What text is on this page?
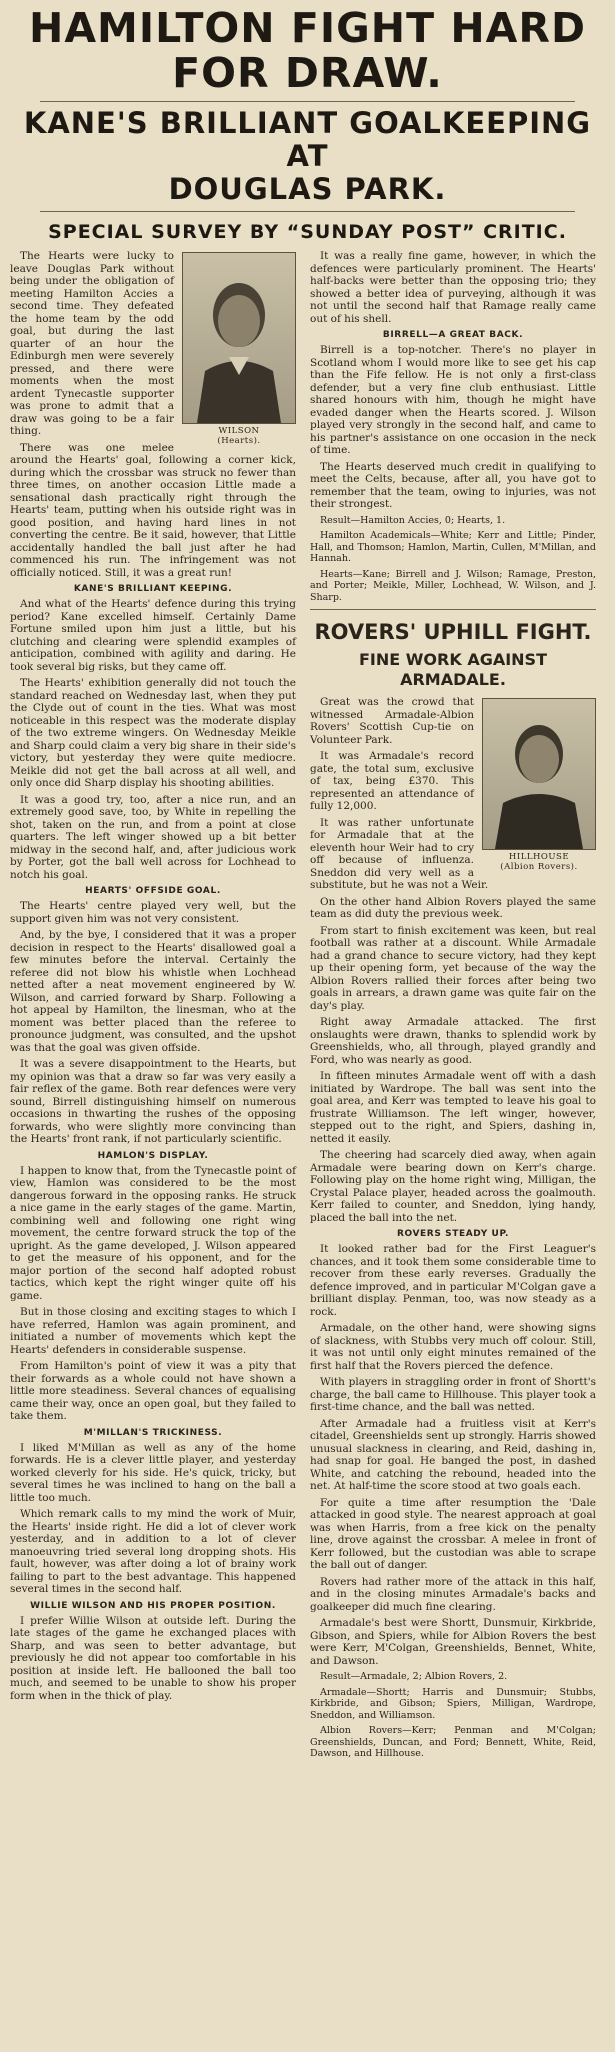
HAMILTON FIGHT HARD
FOR DRAW.
KANE'S BRILLIANT GOALKEEPING AT
DOUGLAS PARK.
SPECIAL SURVEY BY “SUNDAY POST” CRITIC.
WILSON
(Hearts).

The Hearts were lucky to leave Douglas Park without being under the obligation of meeting Hamilton Accies a second time. They defeated the home team by the odd goal, but during the last quarter of an hour the Edinburgh men were severely pressed, and there were moments when the most ardent Tynecastle supporter was prone to admit that a draw was going to be a fair thing.

There was one melee around the Hearts' goal, following a corner kick, during which the crossbar was struck no fewer than three times, on another occasion Little made a sensational dash practically right through the Hearts' team, putting when his outside right was in good position, and having hard lines in not converting the centre. Be it said, however, that Little accidentally handled the ball just after he had commenced his run. The infringement was not officially noticed. Still, it was a great run!

KANE'S BRILLIANT KEEPING.

And what of the Hearts' defence during this trying period? Kane excelled himself. Certainly Dame Fortune smiled upon him just a little, but his clutching and clearing were splendid examples of anticipation, combined with agility and daring. He took several big risks, but they came off.

The Hearts' exhibition generally did not touch the standard reached on Wednesday last, when they put the Clyde out of count in the ties. What was most noticeable in this respect was the moderate display of the two extreme wingers. On Wednesday Meikle and Sharp could claim a very big share in their side's victory, but yesterday they were quite mediocre. Meikle did not get the ball across at all well, and only once did Sharp display his shooting abilities.

It was a good try, too, after a nice run, and an extremely good save, too, by White in repelling the shot, taken on the run, and from a point at close quarters. The left winger showed up a bit better midway in the second half, and, after judicious work by Porter, got the ball well across for Lochhead to notch his goal.

HEARTS' OFFSIDE GOAL.

The Hearts' centre played very well, but the support given him was not very consistent.

And, by the bye, I considered that it was a proper decision in respect to the Hearts' disallowed goal a few minutes before the interval. Certainly the referee did not blow his whistle when Lochhead netted after a neat movement engineered by W. Wilson, and carried forward by Sharp. Following a hot appeal by Hamilton, the linesman, who at the moment was better placed than the referee to pronounce judgment, was consulted, and the upshot was that the goal was given offside.

It was a severe disappointment to the Hearts, but my opinion was that a draw so far was very easily a fair reflex of the game. Both rear defences were very sound, Birrell distinguishing himself on numerous occasions in thwarting the rushes of the opposing forwards, who were slightly more convincing than the Hearts' front rank, if not particularly scientific.

HAMLON'S DISPLAY.

I happen to know that, from the Tynecastle point of view, Hamlon was considered to be the most dangerous forward in the opposing ranks. He struck a nice game in the early stages of the game. Martin, combining well and following one right wing movement, the centre forward struck the top of the upright. As the game developed, J. Wilson appeared to get the measure of his opponent, and for the major portion of the second half adopted robust tactics, which kept the right winger quite off his game.

But in those closing and exciting stages to which I have referred, Hamlon was again prominent, and initiated a number of movements which kept the Hearts' defenders in considerable suspense.

From Hamilton's point of view it was a pity that their forwards as a whole could not have shown a little more steadiness. Several chances of equalising came their way, once an open goal, but they failed to take them.

M'MILLAN'S TRICKINESS.

I liked M'Millan as well as any of the home forwards. He is a clever little player, and yesterday worked cleverly for his side. He's quick, tricky, but several times he was inclined to hang on the ball a little too much.

Which remark calls to my mind the work of Muir, the Hearts' inside right. He did a lot of clever work yesterday, and in addition to a lot of clever manoeuvring tried several long dropping shots. His fault, however, was after doing a lot of brainy work failing to part to the best advantage. This happened several times in the second half.

WILLIE WILSON AND HIS PROPER POSITION.

I prefer Willie Wilson at outside left. During the late stages of the game he exchanged places with Sharp, and was seen to better advantage, but previously he did not appear too comfortable in his position at inside left. He ballooned the ball too much, and seemed to be unable to show his proper form when in the thick of play.

It was a really fine game, however, in which the defences were particularly prominent. The Hearts' half-backs were better than the opposing trio; they showed a better idea of purveying, although it was not until the second half that Ramage really came out of his shell.

BIRRELL—A GREAT BACK.

Birrell is a top-notcher. There's no player in Scotland whom I would more like to see get his cap than the Fife fellow. He is not only a first-class defender, but a very fine club enthusiast. Little shared honours with him, though he might have evaded danger when the Hearts scored. J. Wilson played very strongly in the second half, and came to his partner's assistance on one occasion in the neck of time.

The Hearts deserved much credit in qualifying to meet the Celts, because, after all, you have got to remember that the team, owing to injuries, was not their strongest.

Result—Hamilton Accies, 0; Hearts, 1.

Hamilton Academicals—White; Kerr and Little; Pinder, Hall, and Thomson; Hamlon, Martin, Cullen, M'Millan, and Hannah.

Hearts—Kane; Birrell and J. Wilson; Ramage, Preston, and Porter; Meikle, Miller, Lochhead, W. Wilson, and J. Sharp.

ROVERS' UPHILL FIGHT.
FINE WORK AGAINST
ARMADALE.
HILLHOUSE
(Albion Rovers).

Great was the crowd that witnessed Armadale-Albion Rovers' Scottish Cup-tie on Volunteer Park.

It was Armadale's record gate, the total sum, exclusive of tax, being £370. This represented an attendance of fully 12,000.

It was rather unfortunate for Armadale that at the eleventh hour Weir had to cry off because of influenza. Sneddon did very well as a substitute, but he was not a Weir.

On the other hand Albion Rovers played the same team as did duty the previous week.

From start to finish excitement was keen, but real football was rather at a discount. While Armadale had a grand chance to secure victory, had they kept up their opening form, yet because of the way the Albion Rovers rallied their forces after being two goals in arrears, a drawn game was quite fair on the day's play.

Right away Armadale attacked. The first onslaughts were drawn, thanks to splendid work by Greenshields, who, all through, played grandly and Ford, who was nearly as good.

In fifteen minutes Armadale went off with a dash initiated by Wardrope. The ball was sent into the goal area, and Kerr was tempted to leave his goal to frustrate Williamson. The left winger, however, stepped out to the right, and Spiers, dashing in, netted it easily.

The cheering had scarcely died away, when again Armadale were bearing down on Kerr's charge. Following play on the home right wing, Milligan, the Crystal Palace player, headed across the goalmouth. Kerr failed to counter, and Sneddon, lying handy, placed the ball into the net.

ROVERS STEADY UP.

It looked rather bad for the First Leaguer's chances, and it took them some considerable time to recover from these early reverses. Gradually the defence improved, and in particular M'Colgan gave a brilliant display. Penman, too, was now steady as a rock.

Armadale, on the other hand, were showing signs of slackness, with Stubbs very much off colour. Still, it was not until only eight minutes remained of the first half that the Rovers pierced the defence.

With players in straggling order in front of Shortt's charge, the ball came to Hillhouse. This player took a first-time chance, and the ball was netted.

After Armadale had a fruitless visit at Kerr's citadel, Greenshields sent up strongly. Harris showed unusual slackness in clearing, and Reid, dashing in, had snap for goal. He banged the post, in dashed White, and catching the rebound, headed into the net. At half-time the score stood at two goals each.

For quite a time after resumption the 'Dale attacked in good style. The nearest approach at goal was when Harris, from a free kick on the penalty line, drove against the crossbar. A melee in front of Kerr followed, but the custodian was able to scrape the ball out of danger.

Rovers had rather more of the attack in this half, and in the closing minutes Armadale's backs and goalkeeper did much fine clearing.

Armadale's best were Shortt, Dunsmuir, Kirkbride, Gibson, and Spiers, while for Albion Rovers the best were Kerr, M'Colgan, Greenshields, Bennet, White, and Dawson.

Result—Armadale, 2; Albion Rovers, 2.

Armadale—Shortt; Harris and Dunsmuir; Stubbs, Kirkbride, and Gibson; Spiers, Milligan, Wardrope, Sneddon, and Williamson.

Albion Rovers—Kerr; Penman and M'Colgan; Greenshields, Duncan, and Ford; Bennett, White, Reid, Dawson, and Hillhouse.
